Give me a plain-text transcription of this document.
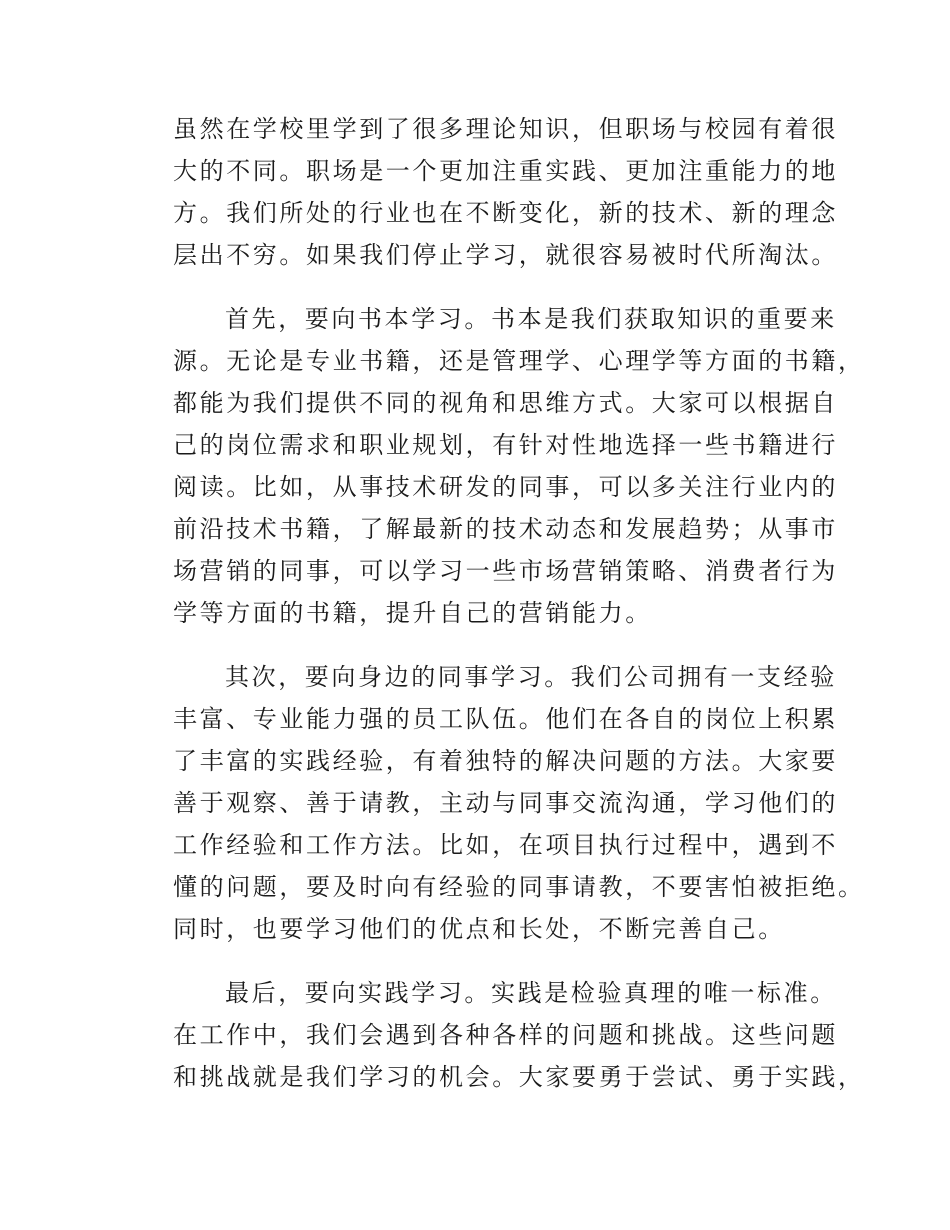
虽然在学校里学到了很多理论知识，但职场与校园有着很
大的不同。职场是一个更加注重实践、更加注重能力的地
方。我们所处的行业也在不断变化，新的技术、新的理念
层出不穷。如果我们停止学习，就很容易被时代所淘汰。
首先，要向书本学习。书本是我们获取知识的重要来
源。无论是专业书籍，还是管理学、心理学等方面的书籍，
都能为我们提供不同的视角和思维方式。大家可以根据自
己的岗位需求和职业规划，有针对性地选择一些书籍进行
阅读。比如，从事技术研发的同事，可以多关注行业内的
前沿技术书籍，了解最新的技术动态和发展趋势；从事市
场营销的同事，可以学习一些市场营销策略、消费者行为
学等方面的书籍，提升自己的营销能力。
其次，要向身边的同事学习。我们公司拥有一支经验
丰富、专业能力强的员工队伍。他们在各自的岗位上积累
了丰富的实践经验，有着独特的解决问题的方法。大家要
善于观察、善于请教，主动与同事交流沟通，学习他们的
工作经验和工作方法。比如，在项目执行过程中，遇到不
懂的问题，要及时向有经验的同事请教，不要害怕被拒绝。
同时，也要学习他们的优点和长处，不断完善自己。
最后，要向实践学习。实践是检验真理的唯一标准。
在工作中，我们会遇到各种各样的问题和挑战。这些问题
和挑战就是我们学习的机会。大家要勇于尝试、勇于实践，
